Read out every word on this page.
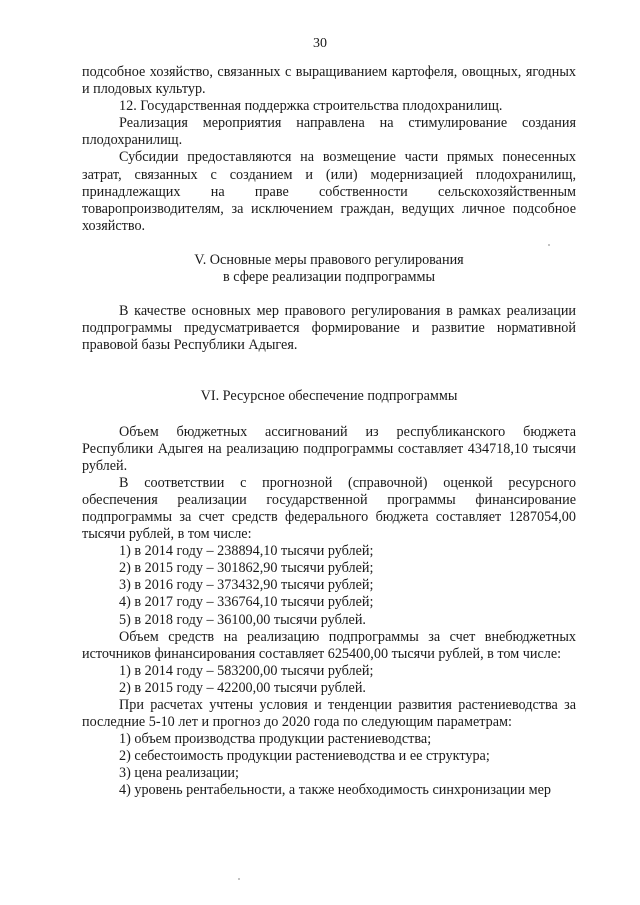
30

подсобное хозяйство, связанных с выращиванием картофеля, овощных, ягодных и плодовых культур.

12. Государственная поддержка строительства плодохранилищ.

Реализация мероприятия направлена на стимулирование создания плодохранилищ.

Субсидии предоставляются на возмещение части прямых понесенных затрат, связанных с созданием и (или) модернизацией плодохранилищ, принадлежащих на праве собственности сельскохозяйственным товаропроизводителям, за исключением граждан, ведущих личное подсобное хозяйство.

V. Основные меры правового регулирования

в сфере реализации подпрограммы

В качестве основных мер правового регулирования в рамках реализации подпрограммы предусматривается формирование и развитие нормативной правовой базы Республики Адыгея.

VI. Ресурсное обеспечение подпрограммы

Объем бюджетных ассигнований из республиканского бюджета Республики Адыгея на реализацию подпрограммы составляет 434718,10 тысячи рублей.

В соответствии с прогнозной (справочной) оценкой ресурсного обеспечения реализации государственной программы финансирование подпрограммы за счет средств федерального бюджета составляет 1287054,00 тысячи рублей, в том числе:

1) в 2014 году – 238894,10 тысячи рублей;

2) в 2015 году – 301862,90 тысячи рублей;

3) в 2016 году – 373432,90 тысячи рублей;

4) в 2017 году – 336764,10 тысячи рублей;

5) в 2018 году – 36100,00 тысячи рублей.

Объем средств на реализацию подпрограммы за счет внебюджетных источников финансирования составляет 625400,00 тысячи рублей, в том числе:

1) в 2014 году – 583200,00 тысячи рублей;

2) в 2015 году – 42200,00 тысячи рублей.

При расчетах учтены условия и тенденции развития растениеводства за последние 5-10 лет и прогноз до 2020 года по следующим параметрам:

1) объем производства продукции растениеводства;

2) себестоимость продукции растениеводства и ее структура;

3) цена реализации;

4) уровень рентабельности, а также необходимость синхронизации мер
